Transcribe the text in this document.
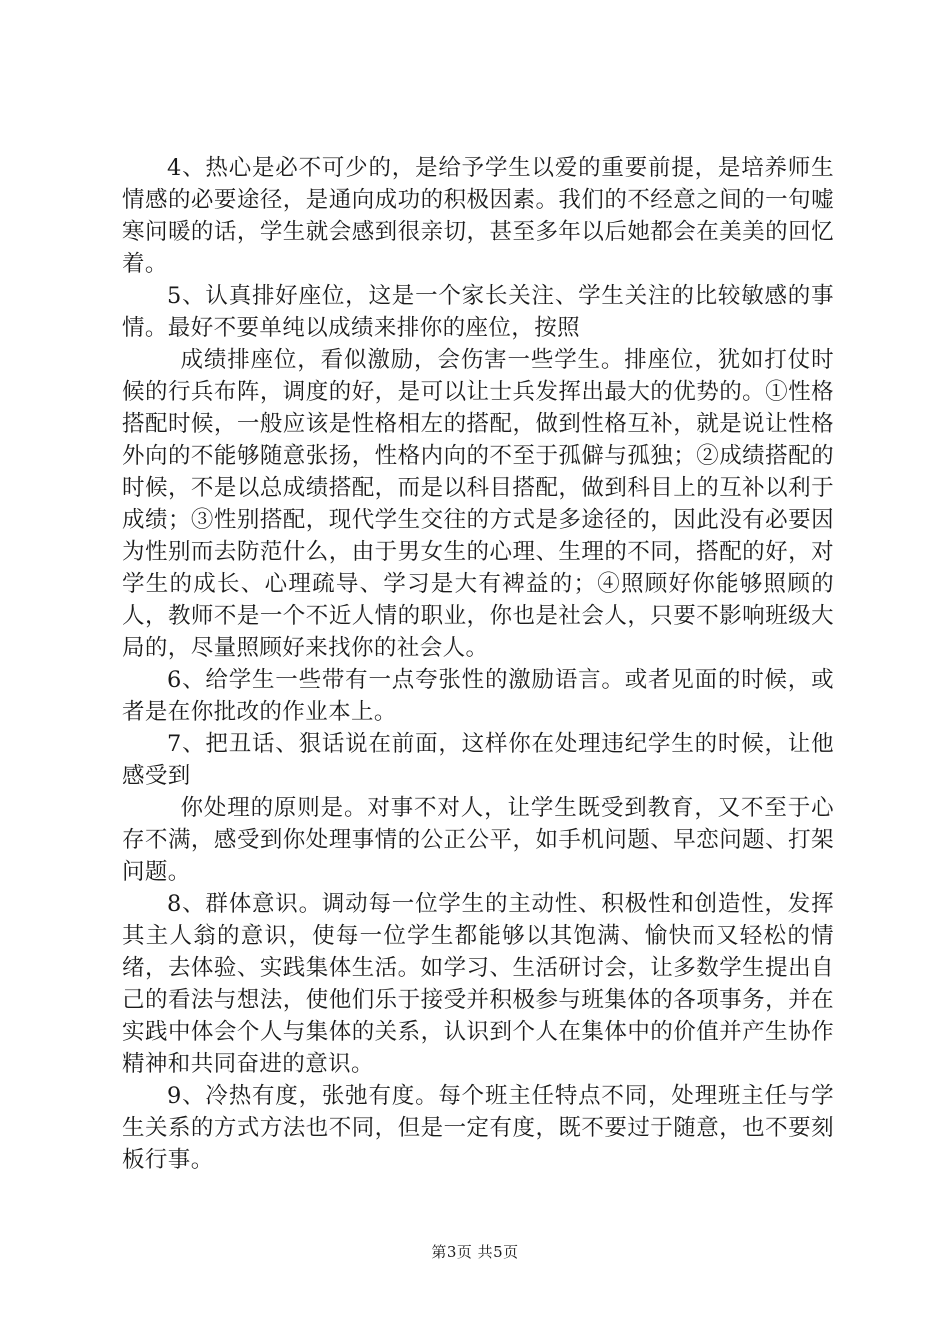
4、热心是必不可少的，是给予学生以爱的重要前提，是培养师生情感的必要途径，是通向成功的积极因素。我们的不经意之间的一句嘘寒问暖的话，学生就会感到很亲切，甚至多年以后她都会在美美的回忆着。

5、认真排好座位，这是一个家长关注、学生关注的比较敏感的事情。最好不要单纯以成绩来排你的座位，按照

成绩排座位，看似激励，会伤害一些学生。排座位，犹如打仗时候的行兵布阵，调度的好，是可以让士兵发挥出最大的优势的。①性格搭配时候，一般应该是性格相左的搭配，做到性格互补，就是说让性格外向的不能够随意张扬，性格内向的不至于孤僻与孤独；②成绩搭配的时候，不是以总成绩搭配，而是以科目搭配，做到科目上的互补以利于成绩；③性别搭配，现代学生交往的方式是多途径的，因此没有必要因为性别而去防范什么，由于男女生的心理、生理的不同，搭配的好，对学生的成长、心理疏导、学习是大有裨益的；④照顾好你能够照顾的人，教师不是一个不近人情的职业，你也是社会人，只要不影响班级大局的，尽量照顾好来找你的社会人。

6、给学生一些带有一点夸张性的激励语言。或者见面的时候，或者是在你批改的作业本上。

7、把丑话、狠话说在前面，这样你在处理违纪学生的时候，让他感受到

你处理的原则是。对事不对人，让学生既受到教育，又不至于心存不满，感受到你处理事情的公正公平，如手机问题、早恋问题、打架问题。

8、群体意识。调动每一位学生的主动性、积极性和创造性，发挥其主人翁的意识，使每一位学生都能够以其饱满、愉快而又轻松的情绪，去体验、实践集体生活。如学习、生活研讨会，让多数学生提出自己的看法与想法，使他们乐于接受并积极参与班集体的各项事务，并在实践中体会个人与集体的关系，认识到个人在集体中的价值并产生协作精神和共同奋进的意识。

9、冷热有度，张弛有度。每个班主任特点不同，处理班主任与学生关系的方式方法也不同，但是一定有度，既不要过于随意，也不要刻板行事。

第3页 共5页
